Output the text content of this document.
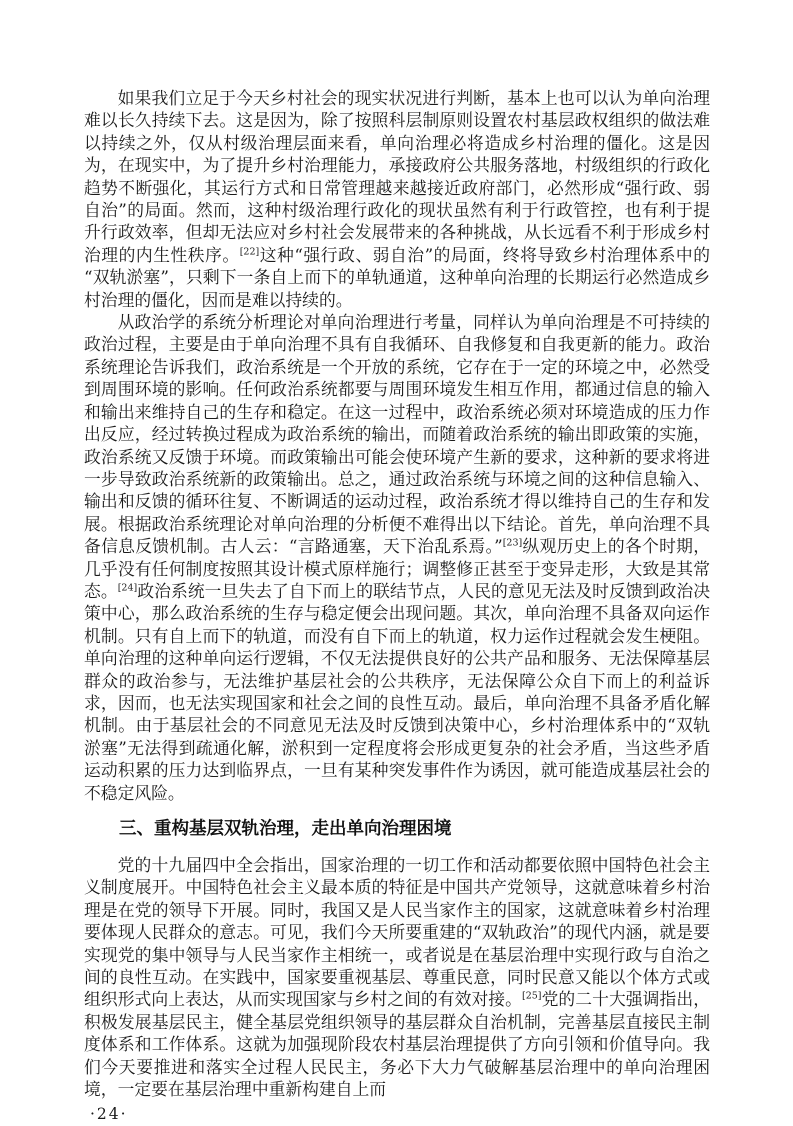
如果我们立足于今天乡村社会的现实状况进行判断，基本上也可以认为单向治理难以长久持续下去。这是因为，除了按照科层制原则设置农村基层政权组织的做法难以持续之外，仅从村级治理层面来看，单向治理必将造成乡村治理的僵化。这是因为，在现实中，为了提升乡村治理能力，承接政府公共服务落地，村级组织的行政化趋势不断强化，其运行方式和日常管理越来越接近政府部门，必然形成“强行政、弱自治”的局面。然而，这种村级治理行政化的现状虽然有利于行政管控，也有利于提升行政效率，但却无法应对乡村社会发展带来的各种挑战，从长远看不利于形成乡村治理的内生性秩序。[22]这种“强行政、弱自治”的局面，终将导致乡村治理体系中的“双轨淤塞”，只剩下一条自上而下的单轨通道，这种单向治理的长期运行必然造成乡村治理的僵化，因而是难以持续的。

从政治学的系统分析理论对单向治理进行考量，同样认为单向治理是不可持续的政治过程，主要是由于单向治理不具有自我循环、自我修复和自我更新的能力。政治系统理论告诉我们，政治系统是一个开放的系统，它存在于一定的环境之中，必然受到周围环境的影响。任何政治系统都要与周围环境发生相互作用，都通过信息的输入和输出来维持自己的生存和稳定。在这一过程中，政治系统必须对环境造成的压力作出反应，经过转换过程成为政治系统的输出，而随着政治系统的输出即政策的实施，政治系统又反馈于环境。而政策输出可能会使环境产生新的要求，这种新的要求将进一步导致政治系统新的政策输出。总之，通过政治系统与环境之间的这种信息输入、输出和反馈的循环往复、不断调适的运动过程，政治系统才得以维持自己的生存和发展。根据政治系统理论对单向治理的分析便不难得出以下结论。首先，单向治理不具备信息反馈机制。古人云：“言路通塞，天下治乱系焉。”[23]纵观历史上的各个时期，几乎没有任何制度按照其设计模式原样施行；调整修正甚至于变异走形，大致是其常态。[24]政治系统一旦失去了自下而上的联结节点，人民的意见无法及时反馈到政治决策中心，那么政治系统的生存与稳定便会出现问题。其次，单向治理不具备双向运作机制。只有自上而下的轨道，而没有自下而上的轨道，权力运作过程就会发生梗阻。单向治理的这种单向运行逻辑，不仅无法提供良好的公共产品和服务、无法保障基层群众的政治参与，无法维护基层社会的公共秩序，无法保障公众自下而上的利益诉求，因而，也无法实现国家和社会之间的良性互动。最后，单向治理不具备矛盾化解机制。由于基层社会的不同意见无法及时反馈到决策中心，乡村治理体系中的“双轨淤塞”无法得到疏通化解，淤积到一定程度将会形成更复杂的社会矛盾，当这些矛盾运动积累的压力达到临界点，一旦有某种突发事件作为诱因，就可能造成基层社会的不稳定风险。

三、重构基层双轨治理，走出单向治理困境

党的十九届四中全会指出，国家治理的一切工作和活动都要依照中国特色社会主义制度展开。中国特色社会主义最本质的特征是中国共产党领导，这就意味着乡村治理是在党的领导下开展。同时，我国又是人民当家作主的国家，这就意味着乡村治理要体现人民群众的意志。可见，我们今天所要重建的“双轨政治”的现代内涵，就是要实现党的集中领导与人民当家作主相统一，或者说是在基层治理中实现行政与自治之间的良性互动。在实践中，国家要重视基层、尊重民意，同时民意又能以个体方式或组织形式向上表达，从而实现国家与乡村之间的有效对接。[25]党的二十大强调指出，积极发展基层民主，健全基层党组织领导的基层群众自治机制，完善基层直接民主制度体系和工作体系。这就为加强现阶段农村基层治理提供了方向引领和价值导向。我们今天要推进和落实全过程人民民主，务必下大力气破解基层治理中的单向治理困境，一定要在基层治理中重新构建自上而

·24·
